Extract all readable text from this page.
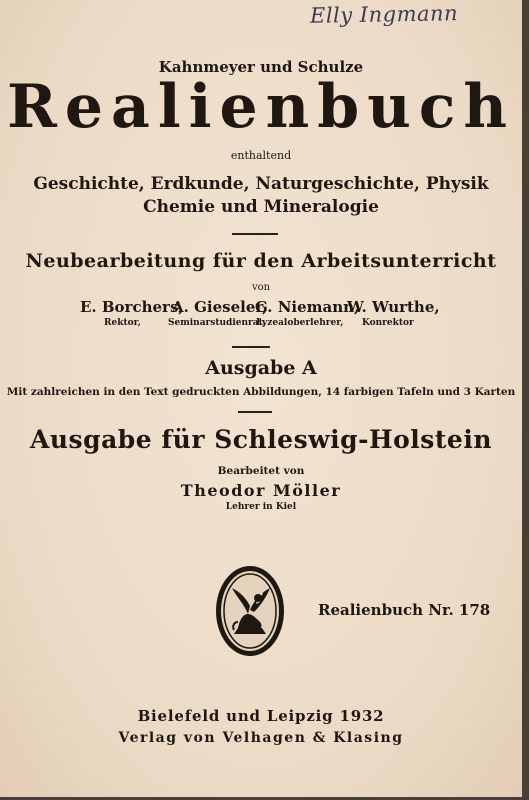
Elly Ingmann
Kahnmeyer und Schulze
Realienbuch
enthaltend
Geschichte, Erdkunde, Naturgeschichte, Physik
Chemie und Mineralogie
Neubearbeitung für den Arbeitsunterricht
von
E. Borchers,
Rektor,
A. Gieseler,
Seminarstudienrat,
G. Niemann,
Lyzealoberlehrer,
W. Wurthe,
Konrektor
Ausgabe A
Mit zahlreichen in den Text gedruckten Abbildungen, 14 farbigen Tafeln und 3 Karten
Ausgabe für Schleswig-Holstein
Bearbeitet von
Theodor Möller
Lehrer in Kiel
Realienbuch Nr. 178
Bielefeld und Leipzig 1932
Verlag von Velhagen & Klasing
